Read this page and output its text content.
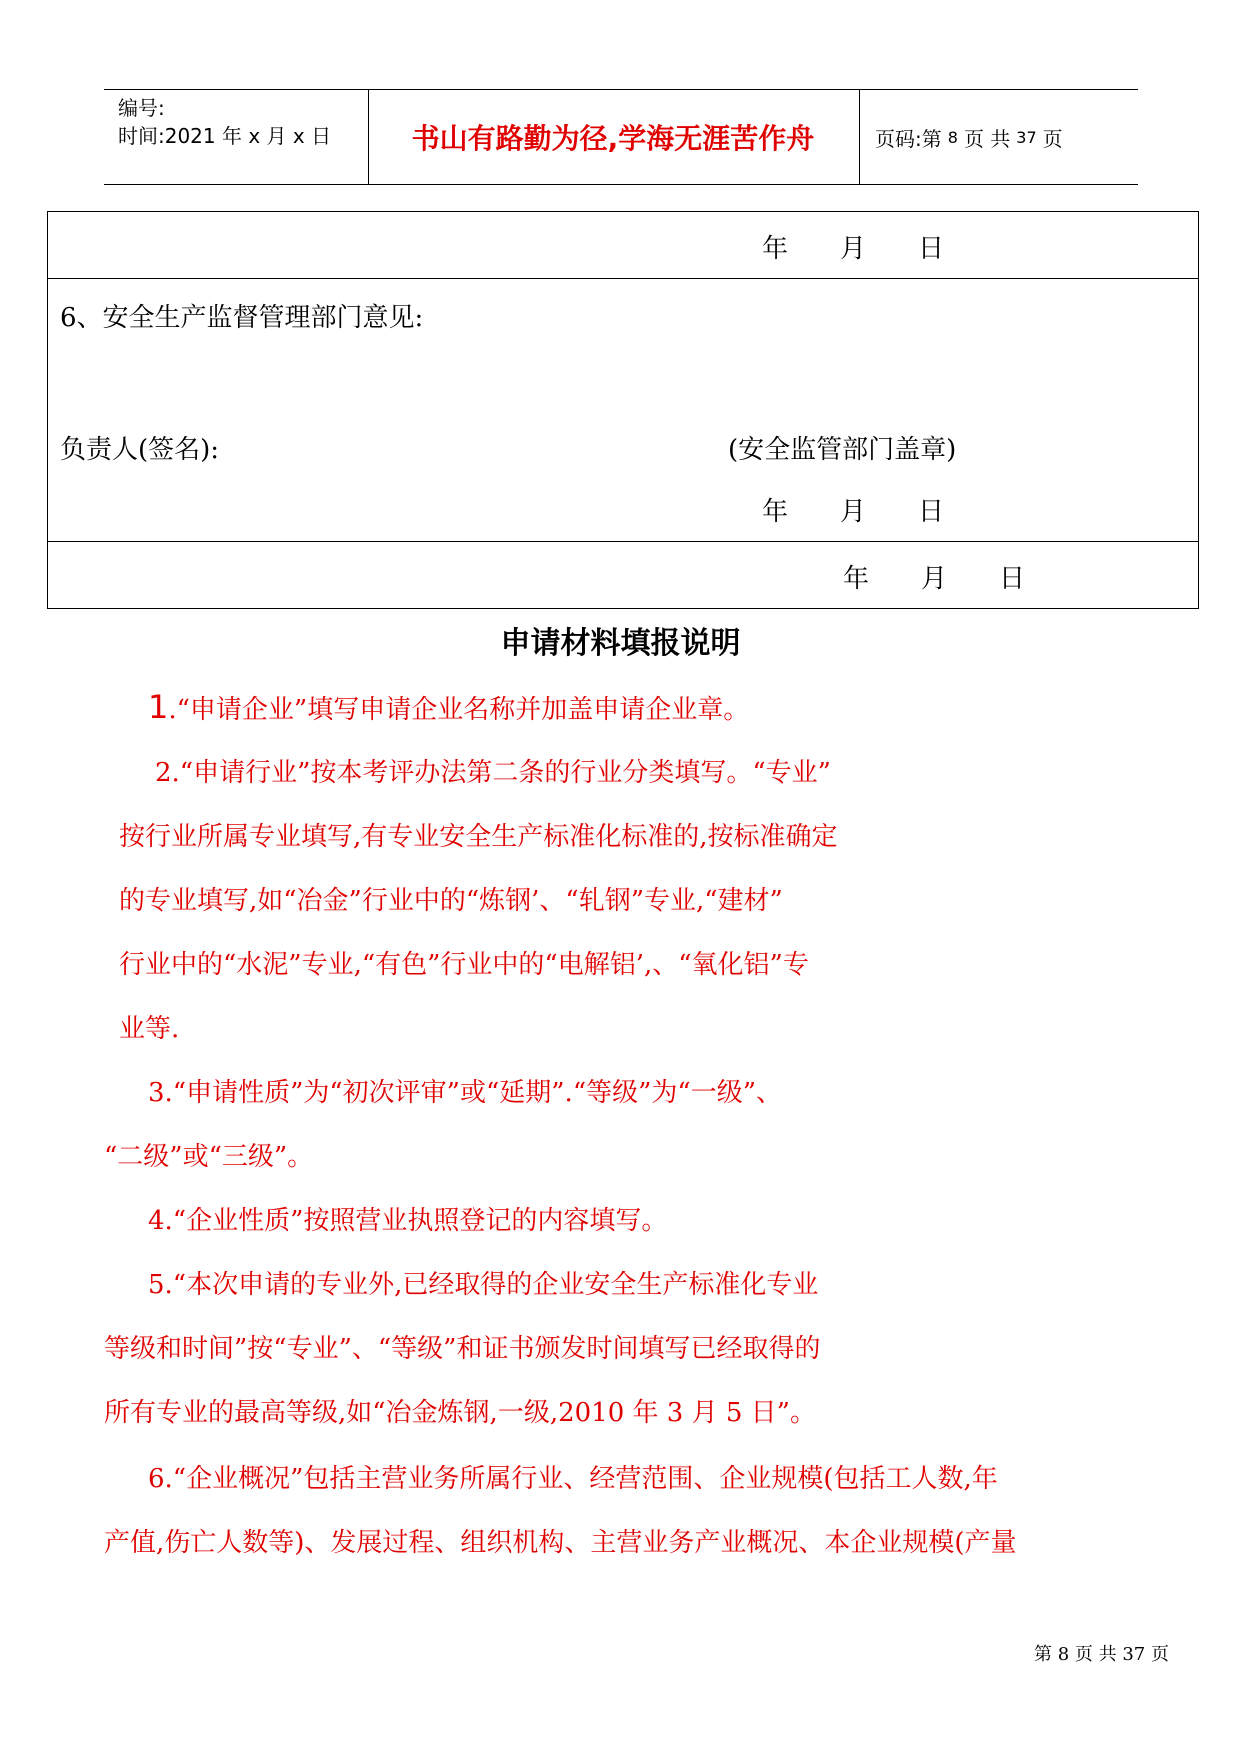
编号:
时间:2021 年 x 月 x 日	书山有路勤为径,学海无涯苦作舟	页码:第 8 页 共 37 页
年　　月　　日
6、安全生产监督管理部门意见:
负责人(签名):	(安全监管部门盖章)
年　　月　　日
年　　月　　日
申请材料填报说明
1.“申请企业”填写申请企业名称并加盖申请企业章。
2.“申请行业”按本考评办法第二条的行业分类填写。“专业”
按行业所属专业填写,有专业安全生产标准化标准的,按标准确定
的专业填写,如“冶金”行业中的“炼钢’、“轧钢”专业,“建材”
行业中的“水泥”专业,“有色”行业中的“电解铝’,、“氧化铝”专
业等.
3.“申请性质”为“初次评审”或“延期”.“等级”为“一级”、
“二级”或“三级”。
4.“企业性质”按照营业执照登记的内容填写。
5.“本次申请的专业外,已经取得的企业安全生产标准化专业
等级和时间”按“专业”、“等级”和证书颁发时间填写已经取得的
所有专业的最高等级,如“冶金炼钢,一级,2010 年 3 月 5 日”。
6.“企业概况”包括主营业务所属行业、经营范围、企业规模(包括工人数,年
产值,伤亡人数等)、发展过程、组织机构、主营业务产业概况、本企业规模(产量
第 8 页 共 37 页
